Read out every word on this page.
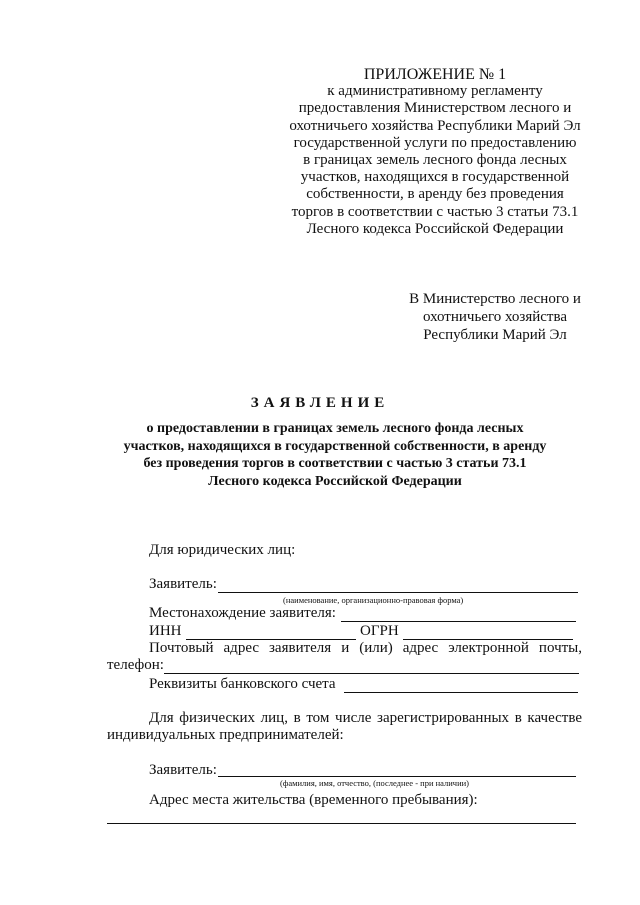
ПРИЛОЖЕНИЕ № 1
к административному регламенту
предоставления Министерством лесного и
охотничьего хозяйства Республики Марий Эл
государственной услуги по предоставлению
в границах земель лесного фонда лесных
участков, находящихся в государственной
собственности, в аренду без проведения
торгов в соответствии с частью 3 статьи 73.1
Лесного кодекса Российской Федерации
В Министерство лесного и
охотничьего хозяйства
Республики Марий Эл
ЗАЯВЛЕНИЕ
о предоставлении в границах земель лесного фонда лесных
участков, находящихся в государственной собственности, в аренду
без проведения торгов в соответствии с частью 3 статьи 73.1
Лесного кодекса Российской Федерации
Для юридических лиц:
Заявитель:
(наименование, организационно-правовая форма)
Местонахождение заявителя:
ИНН	ОГРН
Почтовый адрес заявителя и (или) адрес электронной почты,
телефон:
Реквизиты банковского счета
Для физических лиц, в том числе зарегистрированных в качестве
индивидуальных предпринимателей:
Заявитель:
(фамилия, имя, отчество, (последнее - при наличии)
Адрес места жительства (временного пребывания):
